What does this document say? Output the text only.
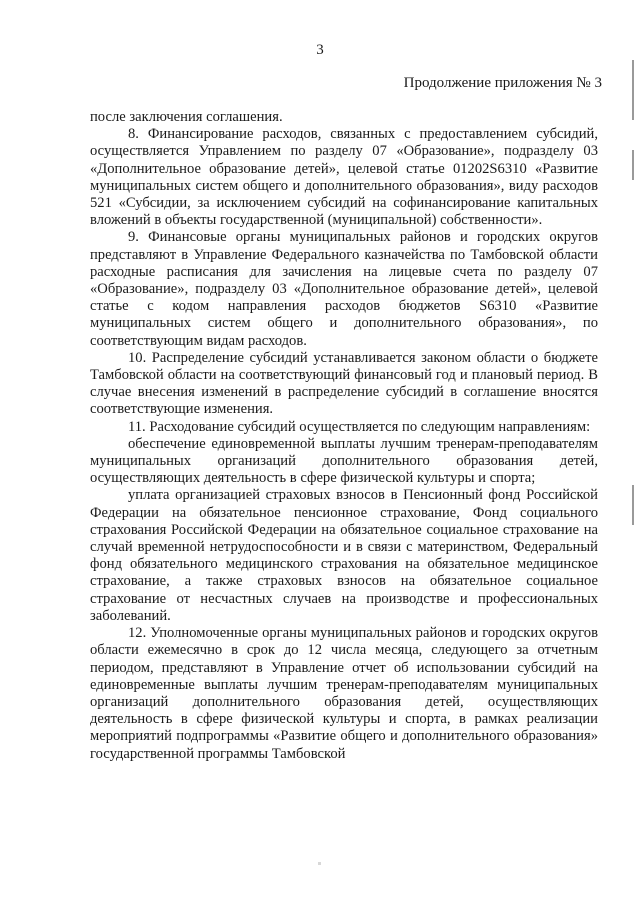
3
Продолжение приложения № 3

после заключения соглашения.

8. Финансирование расходов, связанных с предоставлением субсидий, осуществляется Управлением по разделу 07 «Образование», подразделу 03 «Дополнительное образование детей», целевой статье 01202S6310 «Развитие муниципальных систем общего и дополнительного образования», виду расходов 521 «Субсидии, за исключением субсидий на софинансирование капитальных вложений в объекты государственной (муниципальной) собственности».

9. Финансовые органы муниципальных районов и городских округов представляют в Управление Федерального казначейства по Тамбовской области расходные расписания для зачисления на лицевые счета по разделу 07 «Образование», подразделу 03 «Дополнительное образование детей», целевой статье с кодом направления расходов бюджетов S6310 «Развитие муниципальных систем общего и дополнительного образования», по соответствующим видам расходов.

10. Распределение субсидий устанавливается законом области о бюджете Тамбовской области на соответствующий финансовый год и плановый период. В случае внесения изменений в распределение субсидий в соглашение вносятся соответствующие изменения.

11. Расходование субсидий осуществляется по следующим направлениям:

обеспечение единовременной выплаты лучшим тренерам-преподавателям муниципальных организаций дополнительного образования детей, осуществляющих деятельность в сфере физической культуры и спорта;

уплата организацией страховых взносов в Пенсионный фонд Российской Федерации на обязательное пенсионное страхование, Фонд социального страхования Российской Федерации на обязательное социальное страхование на случай временной нетрудоспособности и в связи с материнством, Федеральный фонд обязательного медицинского страхования на обязательное медицинское страхование, а также страховых взносов на обязательное социальное страхование от несчастных случаев на производстве и профессиональных заболеваний.

12. Уполномоченные органы муниципальных районов и городских округов области ежемесячно в срок до 12 числа месяца, следующего за отчетным периодом, представляют в Управление отчет об использовании субсидий на единовременные выплаты лучшим тренерам-преподавателям муниципальных организаций дополнительного образования детей, осуществляющих деятельность в сфере физической культуры и спорта, в рамках реализации мероприятий подпрограммы «Развитие общего и дополнительного образования» государственной программы Тамбовской
